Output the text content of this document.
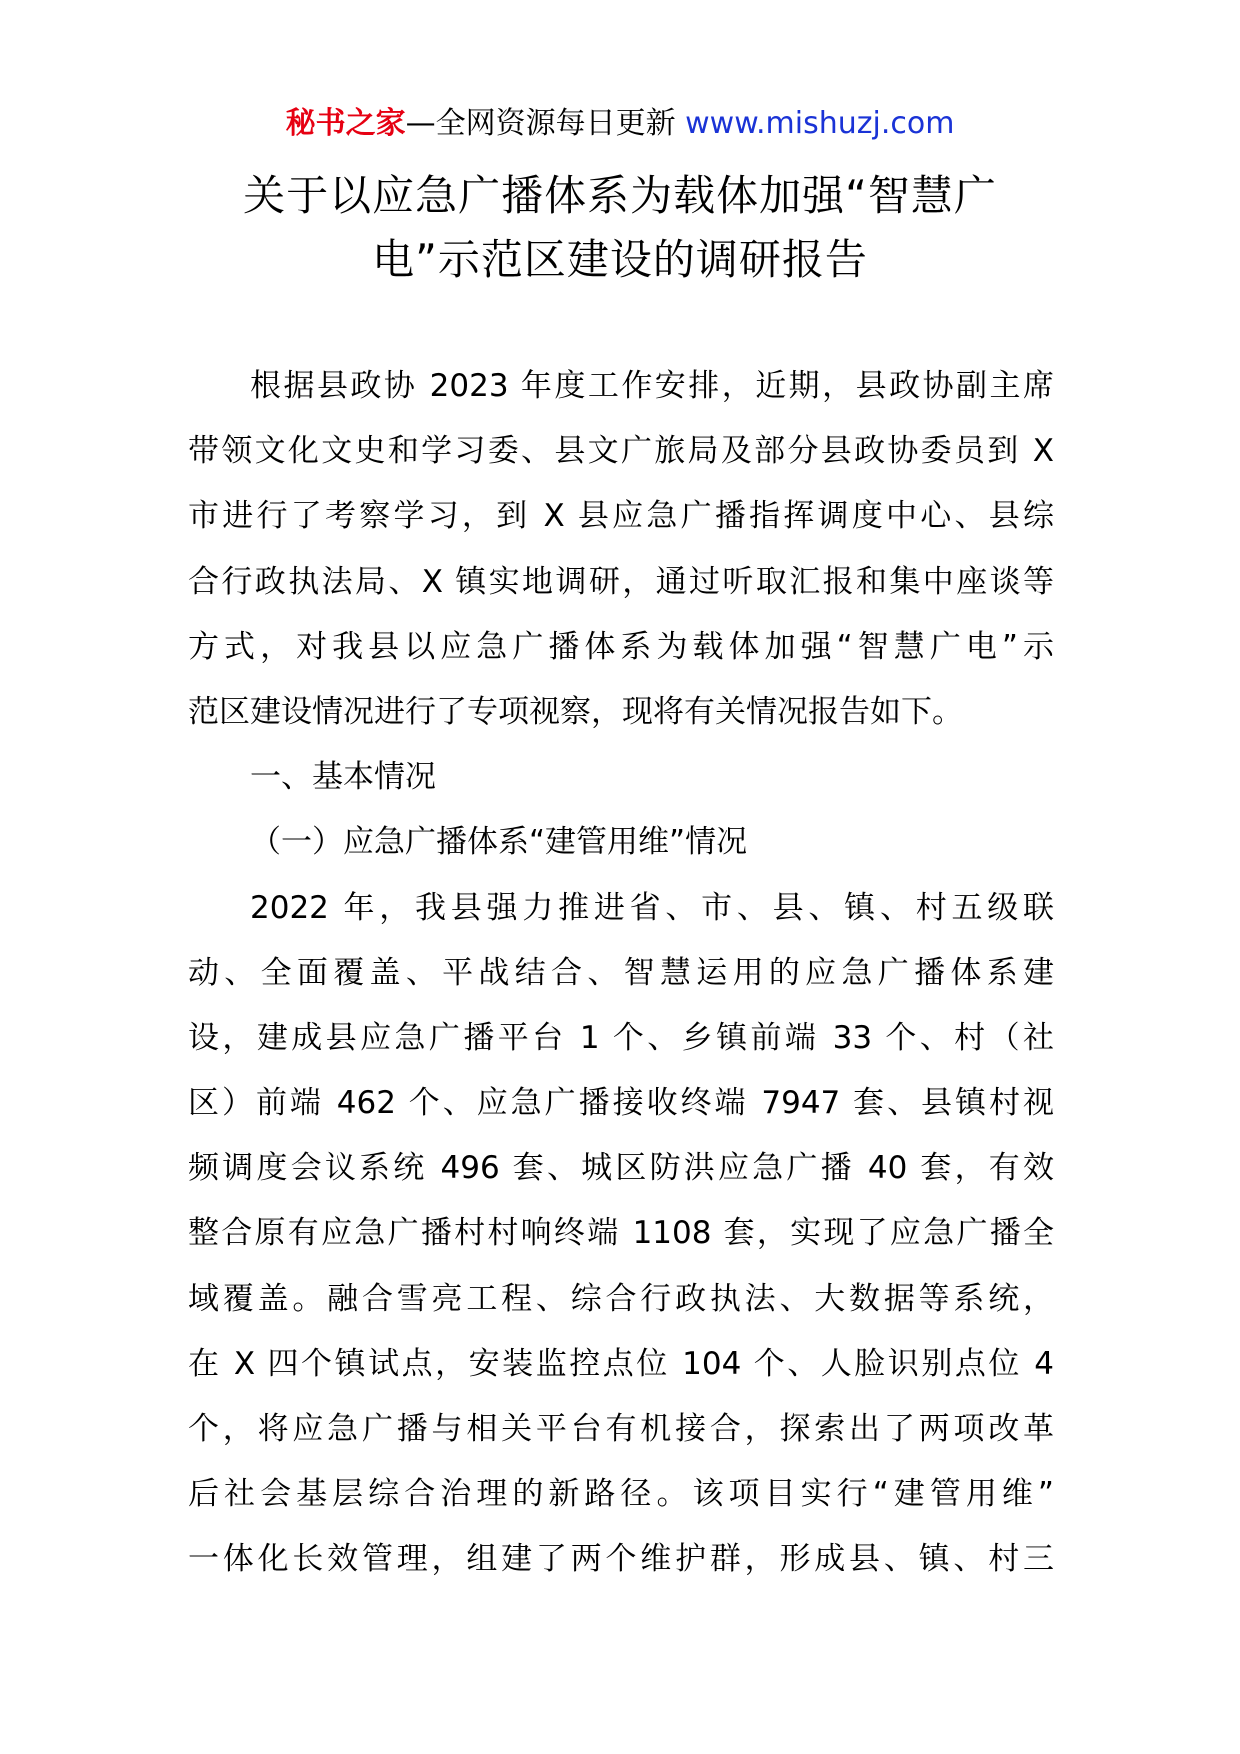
秘书之家—全网资源每日更新 www.mishuzj.com
关于以应急广播体系为载体加强“智慧广
电”示范区建设的调研报告
根据县政协 2023 年度工作安排，近期，县政协副主席
带领文化文史和学习委、县文广旅局及部分县政协委员到 X
市进行了考察学习，到 X 县应急广播指挥调度中心、县综
合行政执法局、X 镇实地调研，通过听取汇报和集中座谈等
方式，对我县以应急广播体系为载体加强“智慧广电”示
范区建设情况进行了专项视察，现将有关情况报告如下。
一、基本情况
（一）应急广播体系“建管用维”情况
2022 年，我县强力推进省、市、县、镇、村五级联
动、全面覆盖、平战结合、智慧运用的应急广播体系建
设，建成县应急广播平台 1 个、乡镇前端 33 个、村（社
区）前端 462 个、应急广播接收终端 7947 套、县镇村视
频调度会议系统 496 套、城区防洪应急广播 40 套，有效
整合原有应急广播村村响终端 1108 套，实现了应急广播全
域覆盖。融合雪亮工程、综合行政执法、大数据等系统，
在 X 四个镇试点，安装监控点位 104 个、人脸识别点位 4
个，将应急广播与相关平台有机接合，探索出了两项改革
后社会基层综合治理的新路径。该项目实行“建管用维”
一体化长效管理，组建了两个维护群，形成县、镇、村三
